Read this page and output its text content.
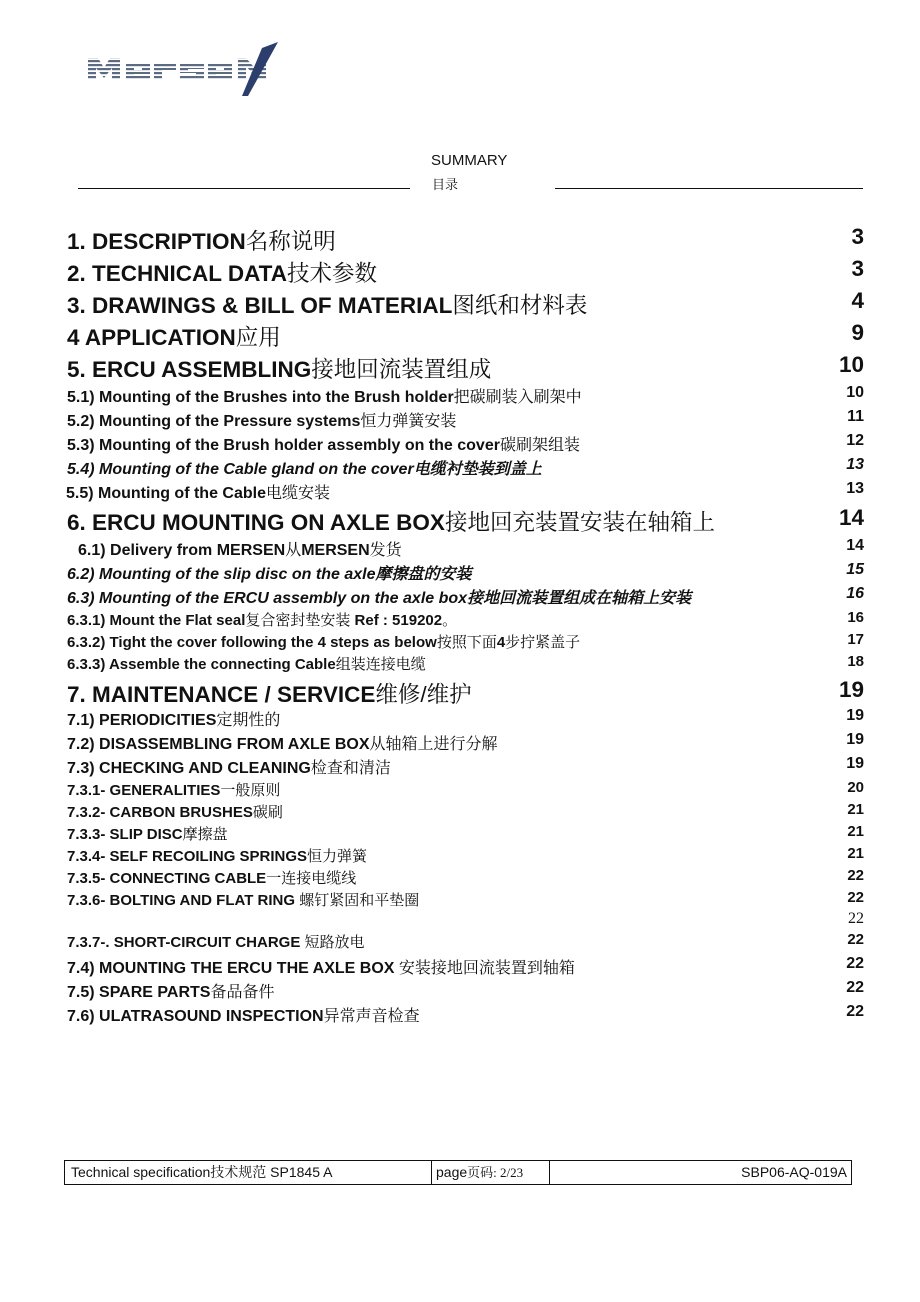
SUMMARY
目录
1. DESCRIPTION名称说明	3
2. TECHNICAL DATA技术参数	3
3. DRAWINGS & BILL OF MATERIAL图纸和材料表	4
4 APPLICATION应用	9
5. ERCU ASSEMBLING接地回流装置组成	10
5.1) Mounting of the Brushes into the Brush holder把碳刷装入刷架中	10
5.2) Mounting of the Pressure systems恒力弹簧安装	11
5.3) Mounting of the Brush holder assembly on the cover碳刷架组装	12
5.4) Mounting of the Cable gland on the cover电缆衬垫装到盖上	13
5.5) Mounting of the Cable电缆安装	13
6. ERCU MOUNTING ON AXLE BOX接地回充装置安装在轴箱上	14
6.1) Delivery from MERSEN从MERSEN发货	14
6.2) Mounting of the slip disc on the axle摩擦盘的安装	15
6.3) Mounting of the ERCU assembly on the axle box接地回流装置组成在轴箱上安装	16
6.3.1) Mount the Flat seal复合密封垫安装 Ref : 519202。	16
6.3.2) Tight the cover following the 4 steps as below按照下面4步拧紧盖子	17
6.3.3) Assemble the connecting Cable组装连接电缆	18
7. MAINTENANCE / SERVICE维修/维护	19
7.1) PERIODICITIES定期性的	19
7.2) DISASSEMBLING FROM AXLE BOX从轴箱上进行分解	19
7.3) CHECKING AND CLEANING检查和清洁	19
7.3.1- GENERALITIES一般原则	20
7.3.2- CARBON BRUSHES碳刷	21
7.3.3- SLIP DISC摩擦盘	21
7.3.4- SELF RECOILING SPRINGS恒力弹簧	21
7.3.5- CONNECTING CABLE一连接电缆线	22
7.3.6- BOLTING AND FLAT RING 螺钉紧固和平垫圈	22
7.3.7-. SHORT-CIRCUIT CHARGE 短路放电	22
7.4) MOUNTING THE ERCU THE AXLE BOX 安装接地回流装置到轴箱	22
7.5) SPARE PARTS备品备件	22
7.6) ULATRASOUND INSPECTION异常声音检查	22
22
Technical specification技术规范 SP1845 A	page页码: 2/23	SBP06-AQ-019A
